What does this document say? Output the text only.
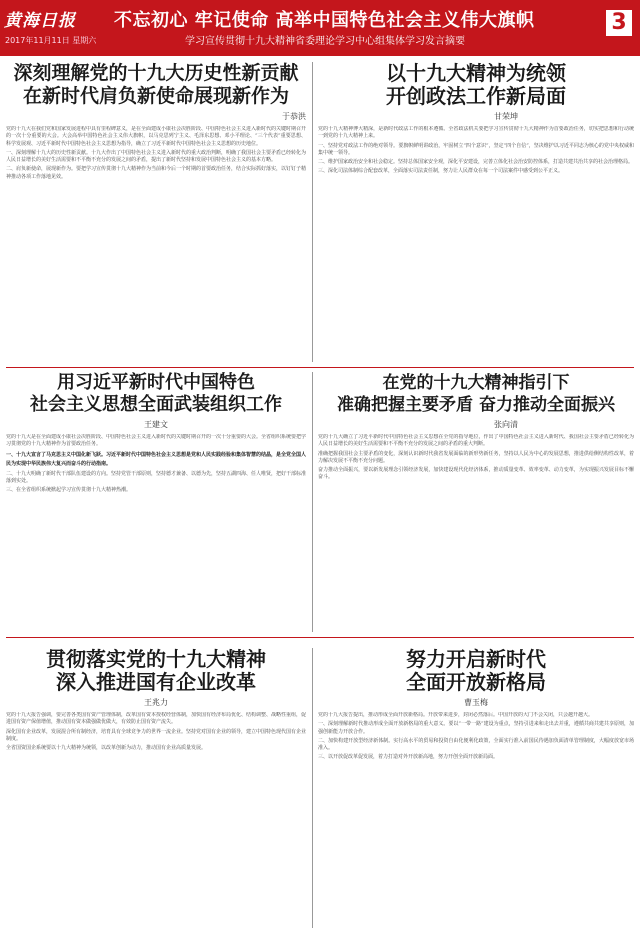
黄海日报
2017年11月11日 星期六
不忘初心 牢记使命 高举中国特色社会主义伟大旗帜
学习宣传贯彻十九大精神省委理论学习中心组集体学习发言摘要
3
深刻理解党的十九大历史性新贡献
在新时代肩负新使命展现新作为
于恭洪

党的十九大在我们党和国家发展进程中具有里程碑意义，是在全面建成小康社会决胜阶段、中国特色社会主义进入新时代的关键时期召开的一次十分重要的大会。大会高举中国特色社会主义伟大旗帜，以马克思列宁主义、毛泽东思想、邓小平理论、“三个代表”重要思想、科学发展观、习近平新时代中国特色社会主义思想为指导，确立了习近平新时代中国特色社会主义思想的历史地位。

一、深刻理解十九大的历史性新贡献。十九大作出了中国特色社会主义进入新时代的重大政治判断，明确了我国社会主要矛盾已经转化为人民日益增长的美好生活需要和不平衡不充分的发展之间的矛盾，提出了新时代坚持和发展中国特色社会主义的基本方略。

二、肩负新使命，展现新作为。要把学习宣传贯彻十九大精神作为当前和今后一个时期的首要政治任务，结合实际抓好落实，以钉钉子精神推动各项工作落地见效。

以十九大精神为统领
开创政法工作新局面
甘荣坤

党的十九大精神博大精深，是新时代政法工作的根本遵循。全省政法机关要把学习宣传贯彻十九大精神作为首要政治任务，切实把思想和行动统一到党的十九大精神上来。

一、坚持党对政法工作的绝对领导。要旗帜鲜明讲政治，牢固树立“四个意识”，坚定“四个自信”，坚决维护以习近平同志为核心的党中央权威和集中统一领导。

二、维护国家政治安全和社会稳定。坚持总体国家安全观，深化平安建设，完善立体化社会治安防控体系，打造共建共治共享的社会治理格局。

三、深化司法体制综合配套改革，全面落实司法责任制，努力让人民群众在每一个司法案件中感受到公平正义。

用习近平新时代中国特色
社会主义思想全面武装组织工作
王建文

党的十九大是在全面建成小康社会决胜阶段、中国特色社会主义进入新时代的关键时期召开的一次十分重要的大会。全省组织系统要把学习贯彻党的十九大精神作为首要政治任务。

一、十九大宣言了马克思主义中国化新飞跃。习近平新时代中国特色社会主义思想是党和人民实践经验和集体智慧的结晶，是全党全国人民为实现中华民族伟大复兴而奋斗的行动指南。

二、十九大明确了新时代干部队伍建设的方向。坚持党管干部原则，坚持德才兼备、以德为先，坚持五湖四海、任人唯贤，把好干部标准落到实处。

三、在全省组织系统掀起学习宣传贯彻十九大精神热潮。

在党的十九大精神指引下
准确把握主要矛盾 奋力推动全面振兴
张向清

党的十九大确立了习近平新时代中国特色社会主义思想在全党的指导地位，作出了中国特色社会主义进入新时代、我国社会主要矛盾已经转化为人民日益增长的美好生活需要和不平衡不充分的发展之间的矛盾的重大判断。

准确把握我国社会主要矛盾的变化，深刻认识新时代我省发展面临的新形势新任务，坚持以人民为中心的发展思想，推进供给侧结构性改革，着力解决发展不平衡不充分问题。

奋力推动全面振兴，要以新发展理念引领经济发展，加快建设现代化经济体系，推动质量变革、效率变革、动力变革，为实现振兴发展目标不懈奋斗。

贯彻落实党的十九大精神
深入推进国有企业改革
王兆力

党的十九大报告强调，要完善各类国有资产管理体制，改革国有资本授权经营体制，加快国有经济布局优化、结构调整、战略性重组，促进国有资产保值增值，推动国有资本做强做优做大，有效防止国有资产流失。

深化国有企业改革，发展混合所有制经济，培育具有全球竞争力的世界一流企业。坚持党对国有企业的领导，建立中国特色现代国有企业制度。

全省国资国企系统要以十九大精神为统领，以改革创新为动力，推动国有企业高质量发展。

努力开启新时代
全面开放新格局
曹玉梅

党的十九大报告提出，推动形成全面开放新格局。开放带来进步，封闭必然落后。中国开放的大门不会关闭，只会越开越大。

一、深刻理解新时代推动形成全面开放新格局的重大意义。要以“一带一路”建设为重点，坚持引进来和走出去并重，遵循共商共建共享原则，加强创新能力开放合作。

二、加快构建开放型经济新体制。实行高水平的贸易和投资自由化便利化政策，全面实行准入前国民待遇加负面清单管理制度，大幅度放宽市场准入。

三、以开放促改革促发展，着力打造对外开放新高地，努力开创全面开放新局面。
